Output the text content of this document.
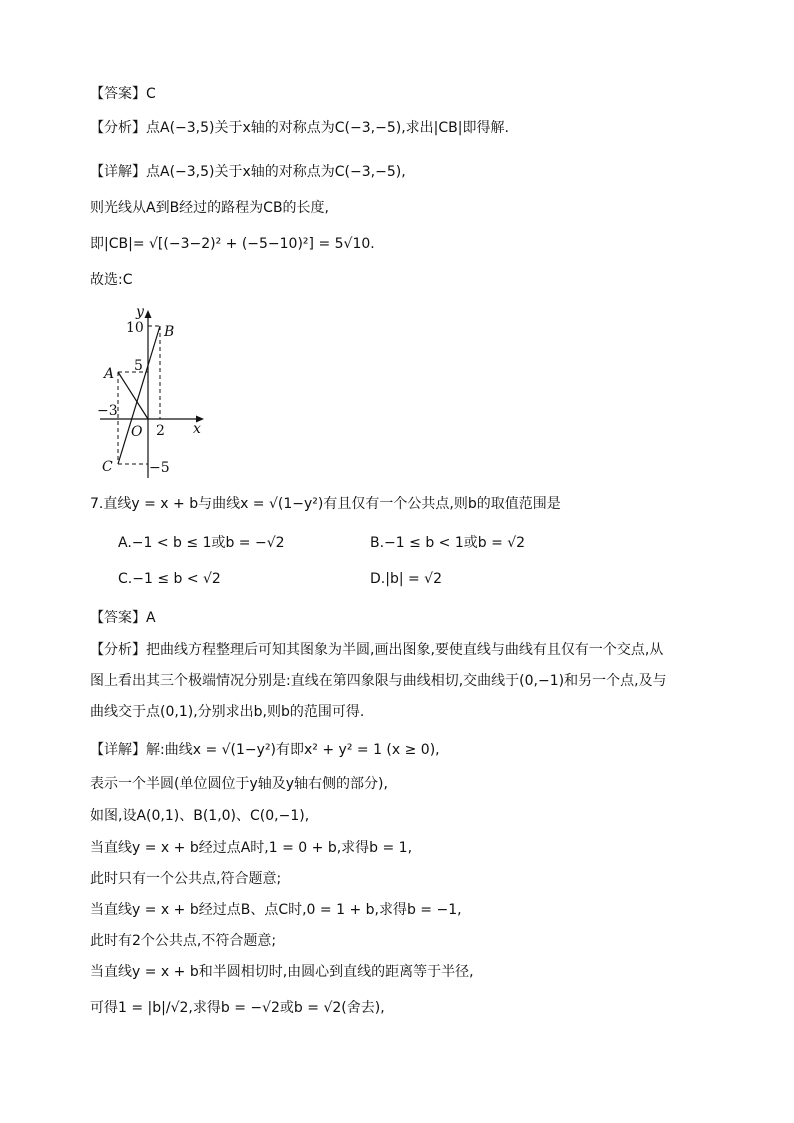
【答案】C
【分析】点A(−3,5)关于x轴的对称点为C(−3,−5),求出|CB|即得解.
【详解】点A(−3,5)关于x轴的对称点为C(−3,−5),
则光线从A到B经过的路程为CB的长度,
即|CB|= √[(−3−2)² + (−5−10)²] = 5√10.
故选:C
y
x
O
A
B
C
10
5
−3
2
−5
7.直线y = x + b与曲线x = √(1−y²)有且仅有一个公共点,则b的取值范围是
A.−1 < b ≤ 1或b = −√2	B.−1 ≤ b < 1或b = √2
C.−1 ≤ b < √2	D.|b| = √2
【答案】A
【分析】把曲线方程整理后可知其图象为半圆,画出图象,要使直线与曲线有且仅有一个交点,从
图上看出其三个极端情况分别是:直线在第四象限与曲线相切,交曲线于(0,−1)和另一个点,及与
曲线交于点(0,1),分别求出b,则b的范围可得.
【详解】解:曲线x = √(1−y²)有即x² + y² = 1 (x ≥ 0),
表示一个半圆(单位圆位于y轴及y轴右侧的部分),
如图,设A(0,1)、B(1,0)、C(0,−1),
当直线y = x + b经过点A时,1 = 0 + b,求得b = 1,
此时只有一个公共点,符合题意;
当直线y = x + b经过点B、点C时,0 = 1 + b,求得b = −1,
此时有2个公共点,不符合题意;
当直线y = x + b和半圆相切时,由圆心到直线的距离等于半径,
可得1 = |b|/√2,求得b = −√2或b = √2(舍去),
